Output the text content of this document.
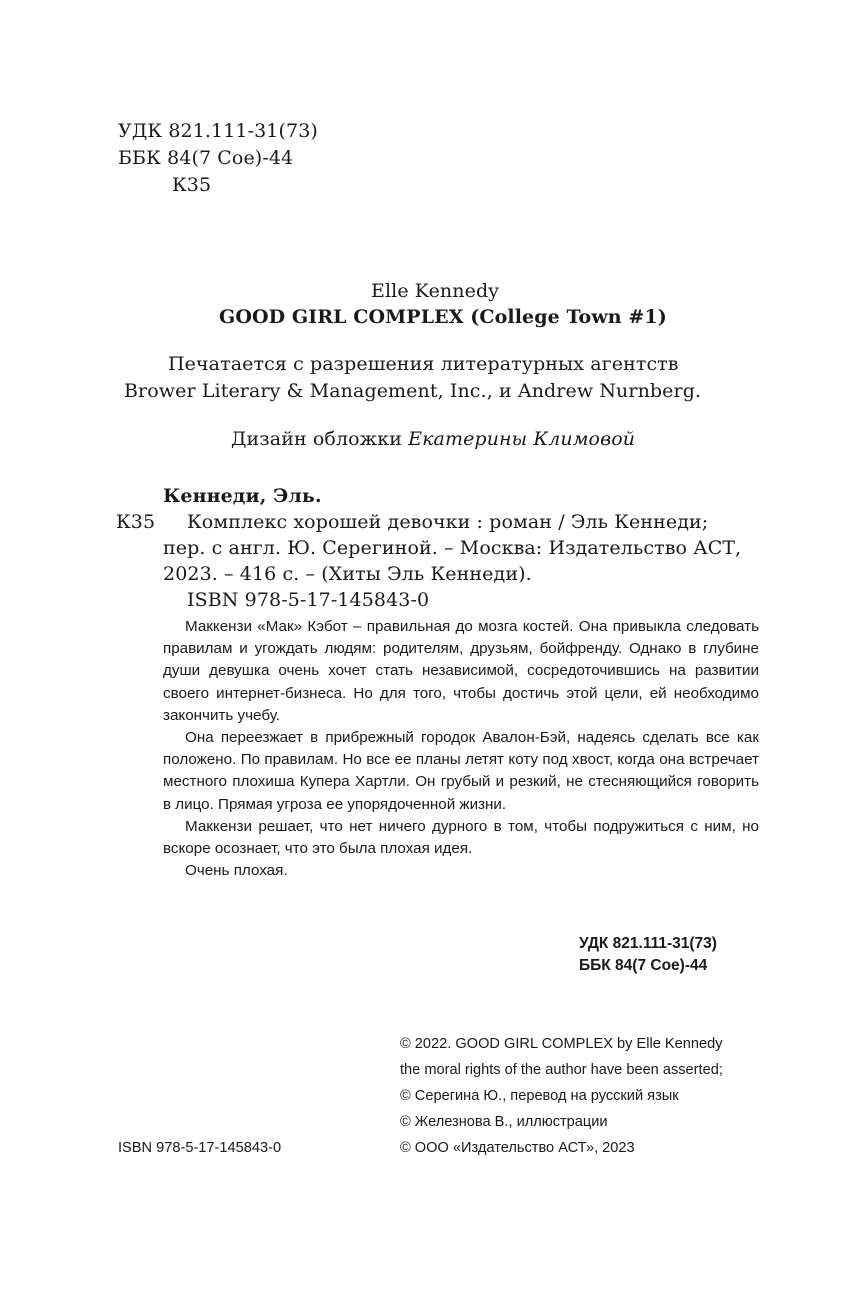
УДК 821.111-31(73)
ББК 84(7 Сое)-44
К35
Elle Kennedy
GOOD GIRL COMPLEX (College Town #1)
Печатается с разрешения литературных агентств
Brower Literary & Management, Inc., и Andrew Nurnberg.
Дизайн обложки Екатерины Климовой
Кеннеди, Эль.
К35 Комплекс хорошей девочки : роман / Эль Кеннеди;
пер. с англ. Ю. Серегиной. – Москва: Издательство АСТ,
2023. – 416 с. – (Хиты Эль Кеннеди).
ISBN 978-5-17-145843-0

Маккензи «Мак» Кэбот – правильная до мозга костей. Она привыкла следовать правилам и угождать людям: родителям, друзьям, бойфренду. Однако в глубине души девушка очень хочет стать независимой, сосредоточившись на развитии своего интернет-бизнеса. Но для того, чтобы достичь этой цели, ей необходимо закончить учебу.

Она переезжает в прибрежный городок Авалон-Бэй, надеясь сделать все как положено. По правилам. Но все ее планы летят коту под хвост, когда она встречает местного плохиша Купера Хартли. Он грубый и резкий, не стесняющийся говорить в лицо. Прямая угроза ее упорядоченной жизни.

Маккензи решает, что нет ничего дурного в том, чтобы подружиться с ним, но вскоре осознает, что это была плохая идея.

Очень плохая.

УДК 821.111-31(73)
ББК 84(7 Сое)-44
ISBN 978-5-17-145843-0
© 2022. GOOD GIRL COMPLEX by Elle Kennedy
the moral rights of the author have been asserted;
© Серегина Ю., перевод на русский язык
© Железнова В., иллюстрации
© ООО «Издательство АСТ», 2023
